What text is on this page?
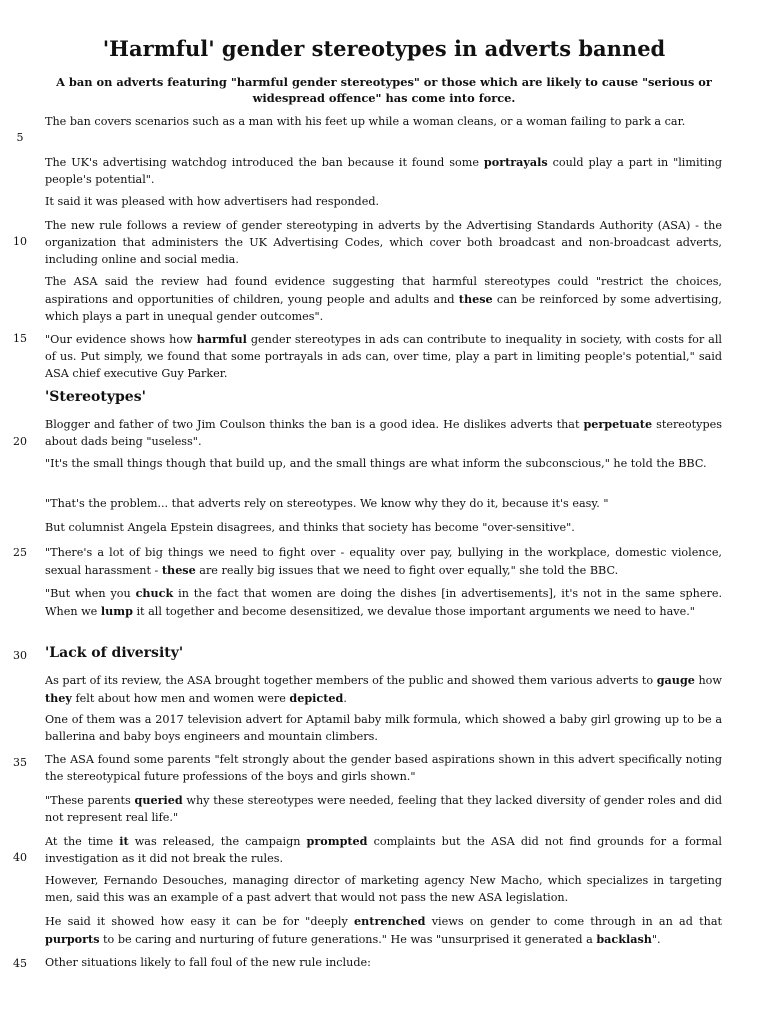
'Harmful' gender stereotypes in adverts banned

A ban on adverts featuring "harmful gender stereotypes" or those which are likely to cause "serious or widespread offence" has come into force.

The ban covers scenarios such as a man with his feet up while a woman cleans, or a woman failing to park a car.

The UK's advertising watchdog introduced the ban because it found some portrayals could play a part in "limiting people's potential".

It said it was pleased with how advertisers had responded.

The new rule follows a review of gender stereotyping in adverts by the Advertising Standards Authority (ASA) - the organization that administers the UK Advertising Codes, which cover both broadcast and non-broadcast adverts, including online and social media.

The ASA said the review had found evidence suggesting that harmful stereotypes could "restrict the choices, aspirations and opportunities of children, young people and adults and these can be reinforced by some advertising, which plays a part in unequal gender outcomes".

"Our evidence shows how harmful gender stereotypes in ads can contribute to inequality in society, with costs for all of us. Put simply, we found that some portrayals in ads can, over time, play a part in limiting people's potential," said ASA chief executive Guy Parker.

'Stereotypes'

Blogger and father of two Jim Coulson thinks the ban is a good idea. He dislikes adverts that perpetuate stereotypes about dads being "useless".

"It's the small things though that build up, and the small things are what inform the subconscious," he told the BBC.

"That's the problem... that adverts rely on stereotypes. We know why they do it, because it's easy. "

But columnist Angela Epstein disagrees, and thinks that society has become "over-sensitive".

"There's a lot of big things we need to fight over - equality over pay, bullying in the workplace, domestic violence, sexual harassment - these are really big issues that we need to fight over equally," she told the BBC.

"But when you chuck in the fact that women are doing the dishes [in advertisements], it's not in the same sphere. When we lump it all together and become desensitized, we devalue those important arguments we need to have."

'Lack of diversity'

As part of its review, the ASA brought together members of the public and showed them various adverts to gauge how they felt about how men and women were depicted.

One of them was a 2017 television advert for Aptamil baby milk formula, which showed a baby girl growing up to be a ballerina and baby boys engineers and mountain climbers.

The ASA found some parents "felt strongly about the gender based aspirations shown in this advert specifically noting the stereotypical future professions of the boys and girls shown."

"These parents queried why these stereotypes were needed, feeling that they lacked diversity of gender roles and did not represent real life."

At the time it was released, the campaign prompted complaints but the ASA did not find grounds for a formal investigation as it did not break the rules.

However, Fernando Desouches, managing director of marketing agency New Macho, which specializes in targeting men, said this was an example of a past advert that would not pass the new ASA legislation.

He said it showed how easy it can be for "deeply entrenched views on gender to come through in an ad that purports to be caring and nurturing of future generations." He was "unsurprised it generated a backlash".

Other situations likely to fall foul of the new rule include:

5
10
15
20
25
30
35
40
45
